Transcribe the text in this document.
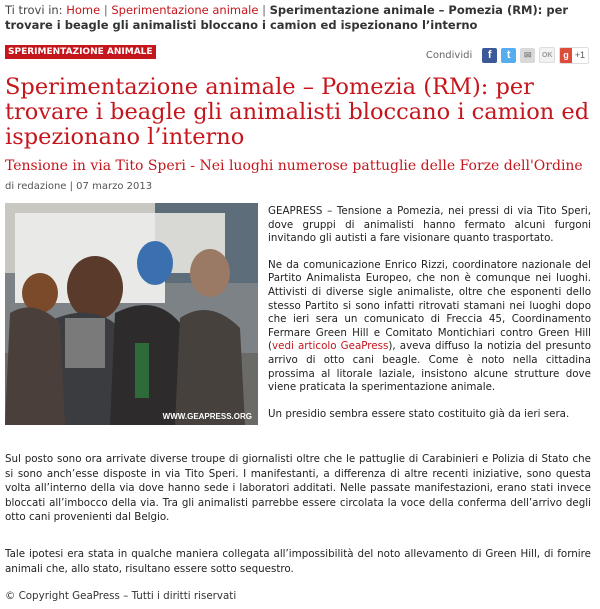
Ti trovi in: Home | Sperimentazione animale | Sperimentazione animale – Pomezia (RM): per trovare i beagle gli animalisti bloccano i camion ed ispezionano l’interno
SPERIMENTAZIONE ANIMALE	Condividi	f	t	✉	OK	g +1
Sperimentazione animale – Pomezia (RM): per trovare i beagle gli animalisti bloccano i camion ed ispezionano l’interno
Tensione in via Tito Speri - Nei luoghi numerose pattuglie delle Forze dell'Ordine
di redazione | 07 marzo 2013
WWW.GEAPRESS.ORG

GEAPRESS – Tensione a Pomezia, nei pressi di via Tito Speri, dove gruppi di animalisti hanno fermato alcuni furgoni invitando gli autisti a fare visionare quanto trasportato.

Ne da comunicazione Enrico Rizzi, coordinatore nazionale del Partito Animalista Europeo, che non è comunque nei luoghi. Attivisti di diverse sigle animaliste, oltre che esponenti dello stesso Partito si sono infatti ritrovati stamani nei luoghi dopo che ieri sera un comunicato di Freccia 45, Coordinamento Fermare Green Hill e Comitato Montichiari contro Green Hill (vedi articolo GeaPress), aveva diffuso la notizia del presunto arrivo di otto cani beagle. Come è noto nella cittadina prossima al litorale laziale, insistono alcune strutture dove viene praticata la sperimentazione animale.

Un presidio sembra essere stato costituito già da ieri sera.

Sul posto sono ora arrivate diverse troupe di giornalisti oltre che le pattuglie di Carabinieri e Polizia di Stato che si sono anch’esse disposte in via Tito Speri. I manifestanti, a differenza di altre recenti iniziative, sono questa volta all’interno della via dove hanno sede i laboratori additati. Nelle passate manifestazioni, erano stati invece bloccati all’imbocco della via. Tra gli animalisti parrebbe essere circolata la voce della conferma dell’arrivo degli otto cani provenienti dal Belgio.
Tale ipotesi era stata in qualche maniera collegata all’impossibilità del noto allevamento di Green Hill, di fornire animali che, allo stato, risultano essere sotto sequestro.
© Copyright GeaPress – Tutti i diritti riservati
